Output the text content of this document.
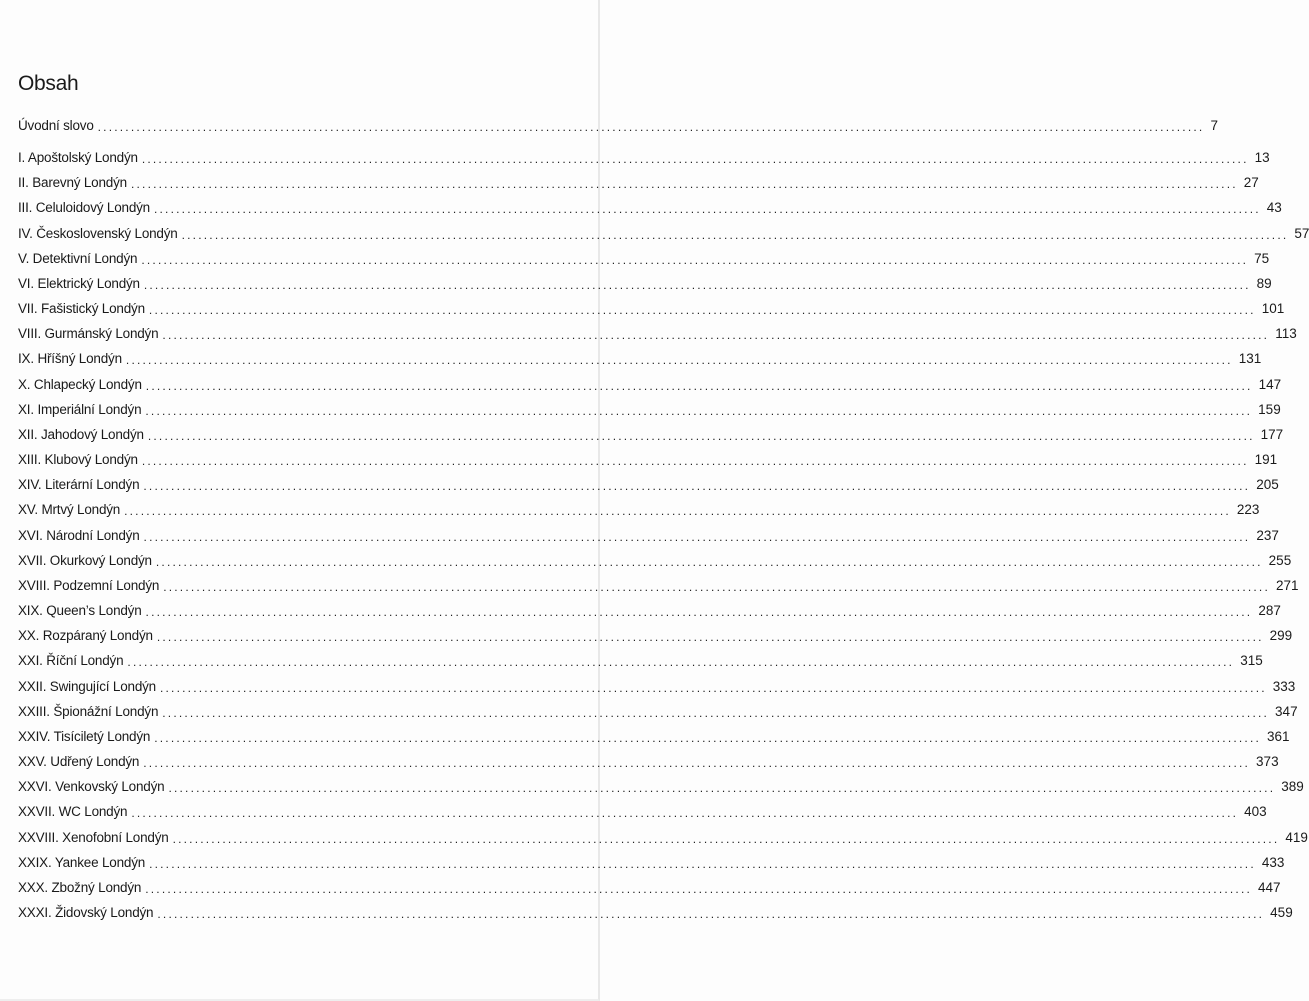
Obsah
Úvodní slovo ........................................................................................................................................................................................................ 7
I. Apoštolský Londýn ........................................................................................................................................................................................................ 13
II. Barevný Londýn ........................................................................................................................................................................................................ 27
III. Celuloidový Londýn ........................................................................................................................................................................................................ 43
IV. Československý Londýn ........................................................................................................................................................................................................ 57
V. Detektivní Londýn ........................................................................................................................................................................................................ 75
VI. Elektrický Londýn ........................................................................................................................................................................................................ 89
VII. Fašistický Londýn ........................................................................................................................................................................................................ 101
VIII. Gurmánský Londýn ........................................................................................................................................................................................................ 113
IX. Hříšný Londýn ........................................................................................................................................................................................................ 131
X. Chlapecký Londýn ........................................................................................................................................................................................................ 147
XI. Imperiální Londýn ........................................................................................................................................................................................................ 159
XII. Jahodový Londýn ........................................................................................................................................................................................................ 177
XIII. Klubový Londýn ........................................................................................................................................................................................................ 191
XIV. Literární Londýn ........................................................................................................................................................................................................ 205
XV. Mrtvý Londýn ........................................................................................................................................................................................................ 223
XVI. Národní Londýn ........................................................................................................................................................................................................ 237
XVII. Okurkový Londýn ........................................................................................................................................................................................................ 255
XVIII. Podzemní Londýn ........................................................................................................................................................................................................ 271
XIX. Queen’s Londýn ........................................................................................................................................................................................................ 287
XX. Rozpáraný Londýn ........................................................................................................................................................................................................ 299
XXI. Říční Londýn ........................................................................................................................................................................................................ 315
XXII. Swingující Londýn ........................................................................................................................................................................................................ 333
XXIII. Špionážní Londýn ........................................................................................................................................................................................................ 347
XXIV. Tisíciletý Londýn ........................................................................................................................................................................................................ 361
XXV. Udřený Londýn ........................................................................................................................................................................................................ 373
XXVI. Venkovský Londýn ........................................................................................................................................................................................................ 389
XXVII. WC Londýn ........................................................................................................................................................................................................ 403
XXVIII. Xenofobní Londýn ........................................................................................................................................................................................................ 419
XXIX. Yankee Londýn ........................................................................................................................................................................................................ 433
XXX. Zbožný Londýn ........................................................................................................................................................................................................ 447
XXXI. Židovský Londýn ........................................................................................................................................................................................................ 459
